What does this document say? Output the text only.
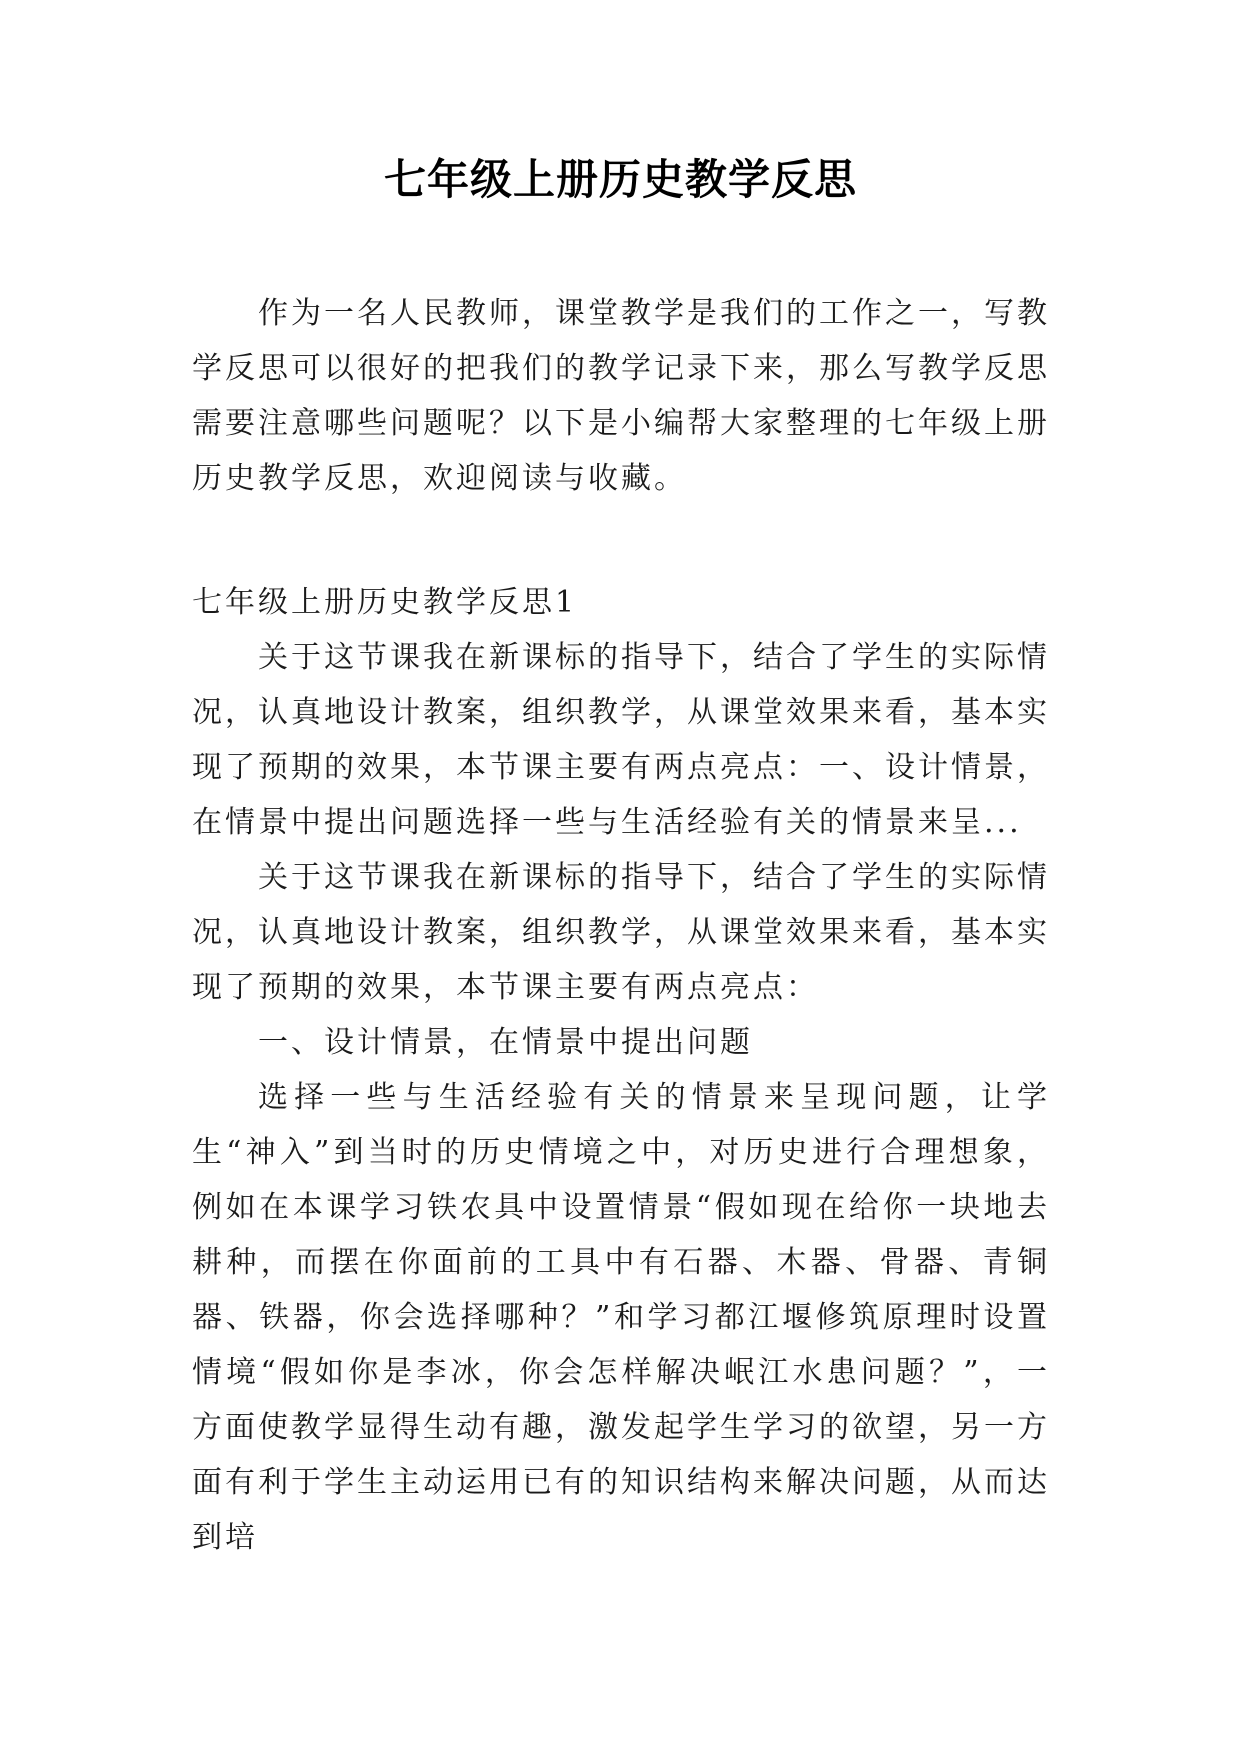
七年级上册历史教学反思

作为一名人民教师，课堂教学是我们的工作之一，写教学反思可以很好的把我们的教学记录下来，那么写教学反思需要注意哪些问题呢？以下是小编帮大家整理的七年级上册历史教学反思，欢迎阅读与收藏。

七年级上册历史教学反思1

关于这节课我在新课标的指导下，结合了学生的实际情况，认真地设计教案，组织教学，从课堂效果来看，基本实现了预期的效果，本节课主要有两点亮点：一、设计情景，在情景中提出问题选择一些与生活经验有关的情景来呈...

关于这节课我在新课标的指导下，结合了学生的实际情况，认真地设计教案，组织教学，从课堂效果来看，基本实现了预期的效果，本节课主要有两点亮点：

一、设计情景，在情景中提出问题

选择一些与生活经验有关的情景来呈现问题，让学生“神入”到当时的历史情境之中，对历史进行合理想象，例如在本课学习铁农具中设置情景“假如现在给你一块地去耕种，而摆在你面前的工具中有石器、木器、骨器、青铜器、铁器，你会选择哪种？”和学习都江堰修筑原理时设置情境“假如你是李冰，你会怎样解决岷江水患问题？”，一方面使教学显得生动有趣，激发起学生学习的欲望，另一方面有利于学生主动运用已有的知识结构来解决问题，从而达到培
